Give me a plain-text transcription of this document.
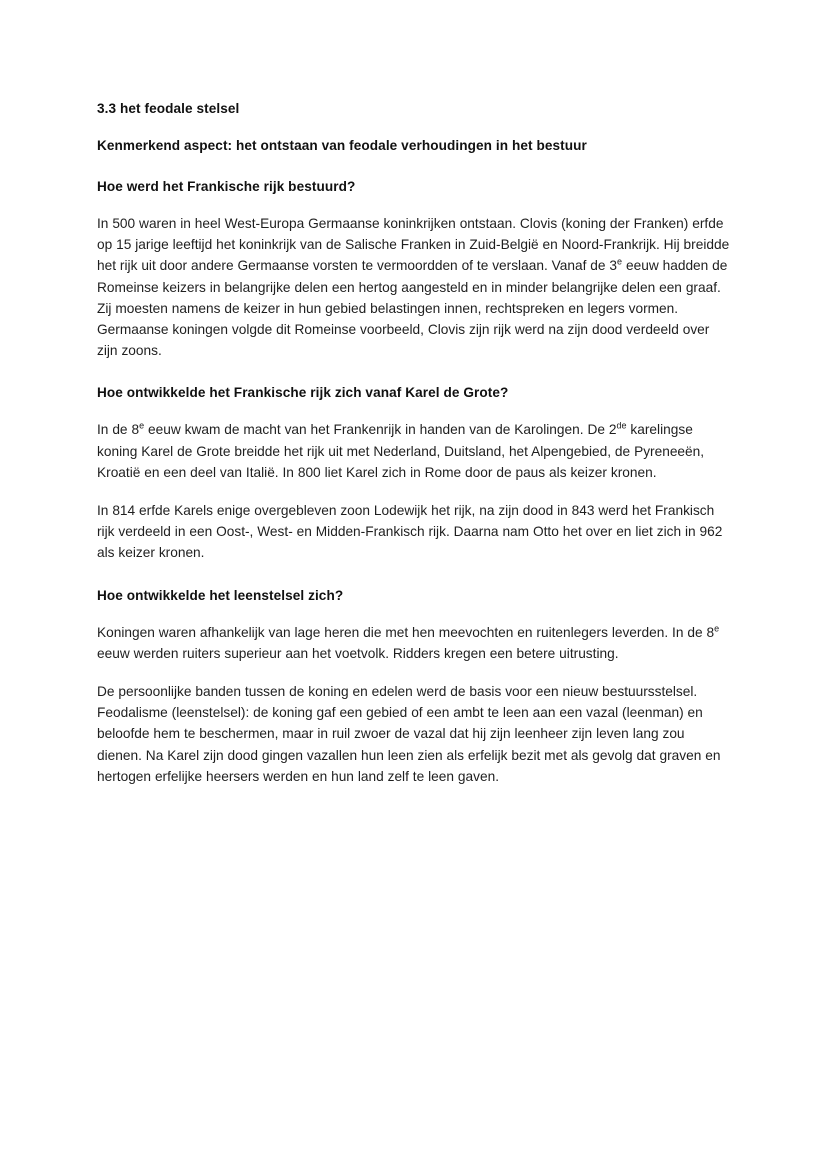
3.3 het feodale stelsel
Kenmerkend aspect: het ontstaan van feodale verhoudingen in het bestuur
Hoe werd het Frankische rijk bestuurd?

In 500 waren in heel West-Europa Germaanse koninkrijken ontstaan. Clovis (koning der Franken) erfde op 15 jarige leeftijd het koninkrijk van de Salische Franken in Zuid-België en Noord-Frankrijk. Hij breidde het rijk uit door andere Germaanse vorsten te vermoordden of te verslaan. Vanaf de 3e eeuw hadden de Romeinse keizers in belangrijke delen een hertog aangesteld en in minder belangrijke delen een graaf. Zij moesten namens de keizer in hun gebied belastingen innen, rechtspreken en legers vormen. Germaanse koningen volgde dit Romeinse voorbeeld, Clovis zijn rijk werd na zijn dood verdeeld over zijn zoons.

Hoe ontwikkelde het Frankische rijk zich vanaf Karel de Grote?

In de 8e eeuw kwam de macht van het Frankenrijk in handen van de Karolingen. De 2de karelingse koning Karel de Grote breidde het rijk uit met Nederland, Duitsland, het Alpengebied, de Pyreneeën, Kroatië en een deel van Italië. In 800 liet Karel zich in Rome door de paus als keizer kronen.

In 814 erfde Karels enige overgebleven zoon Lodewijk het rijk, na zijn dood in 843 werd het Frankisch rijk verdeeld in een Oost-, West- en Midden-Frankisch rijk. Daarna nam Otto het over en liet zich in 962 als keizer kronen.

Hoe ontwikkelde het leenstelsel zich?

Koningen waren afhankelijk van lage heren die met hen meevochten en ruitenlegers leverden. In de 8e eeuw werden ruiters superieur aan het voetvolk. Ridders kregen een betere uitrusting.

De persoonlijke banden tussen de koning en edelen werd de basis voor een nieuw bestuursstelsel. Feodalisme (leenstelsel): de koning gaf een gebied of een ambt te leen aan een vazal (leenman) en beloofde hem te beschermen, maar in ruil zwoer de vazal dat hij zijn leenheer zijn leven lang zou dienen. Na Karel zijn dood gingen vazallen hun leen zien als erfelijk bezit met als gevolg dat graven en hertogen erfelijke heersers werden en hun land zelf te leen gaven.
